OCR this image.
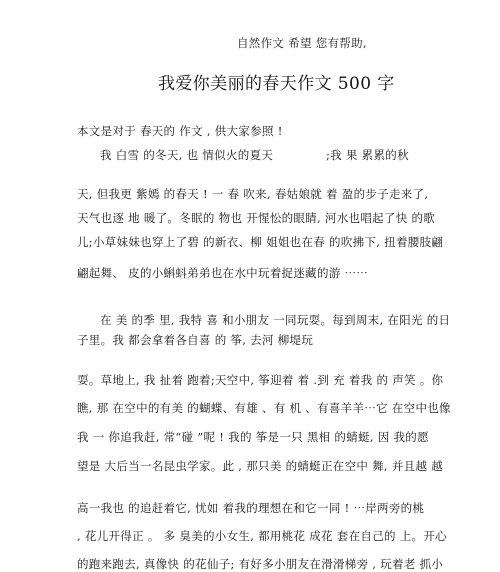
自然作文 希望 您有帮助,
我爱你美丽的春天作文 500 字
本文是对于 春天的 作文 , 供大家参照 !
我 白雪 的冬天, 也 情似火的夏天	;我 果 累累的秋
天, 但我更 紫嫣 的春天 ! 一 春 吹来, 春姑娘就 着 盈的步子走来了,
天气也逐 地 暖了。冬眠的 物也 开惺忪的眼睛, 河水也唱起了快 的歌
儿;小草妹妹也穿上了碧 的新衣、柳 姐姐也在春 的吹拂下, 扭着腰肢翩
翩起舞、 皮的小蝌蚪弟弟也在水中玩着捉迷藏的游 ⋯⋯
在 美 的季 里, 我特 喜 和小朋友 一同玩耍。每到周末, 在阳光 的日
子里。我 都会拿着各自喜 的 筝, 去河 柳堤玩
耍。草地上, 我 扯着 跑着;天空中, 筝迎着 着 .到 充 着我 的 声笑 。你
瞧, 那 在空中的有美 的蝴蝶、有雄 、有 机 、有喜羊羊⋯它 在空中也像
我 一 你追我赶, 常“碰 ”呢 ! 我的 筝是一只 黑相 的蜻蜓, 因 我的愿
望是 大后当一名昆虫学家。此 , 那只美 的蜻蜓正在空中 舞, 并且越 越
高一我也 的追赶着它, 忧如 着我的理想在和它一同 ! ⋯岸两旁的桃
, 花儿开得正 。 多 臭美的小女生, 都用桃花 成花 套在自己的 上。开心
的跑来跑去, 真像快 的花仙子; 有好多小朋友在滑滑梯旁 , 玩着老 抓小
